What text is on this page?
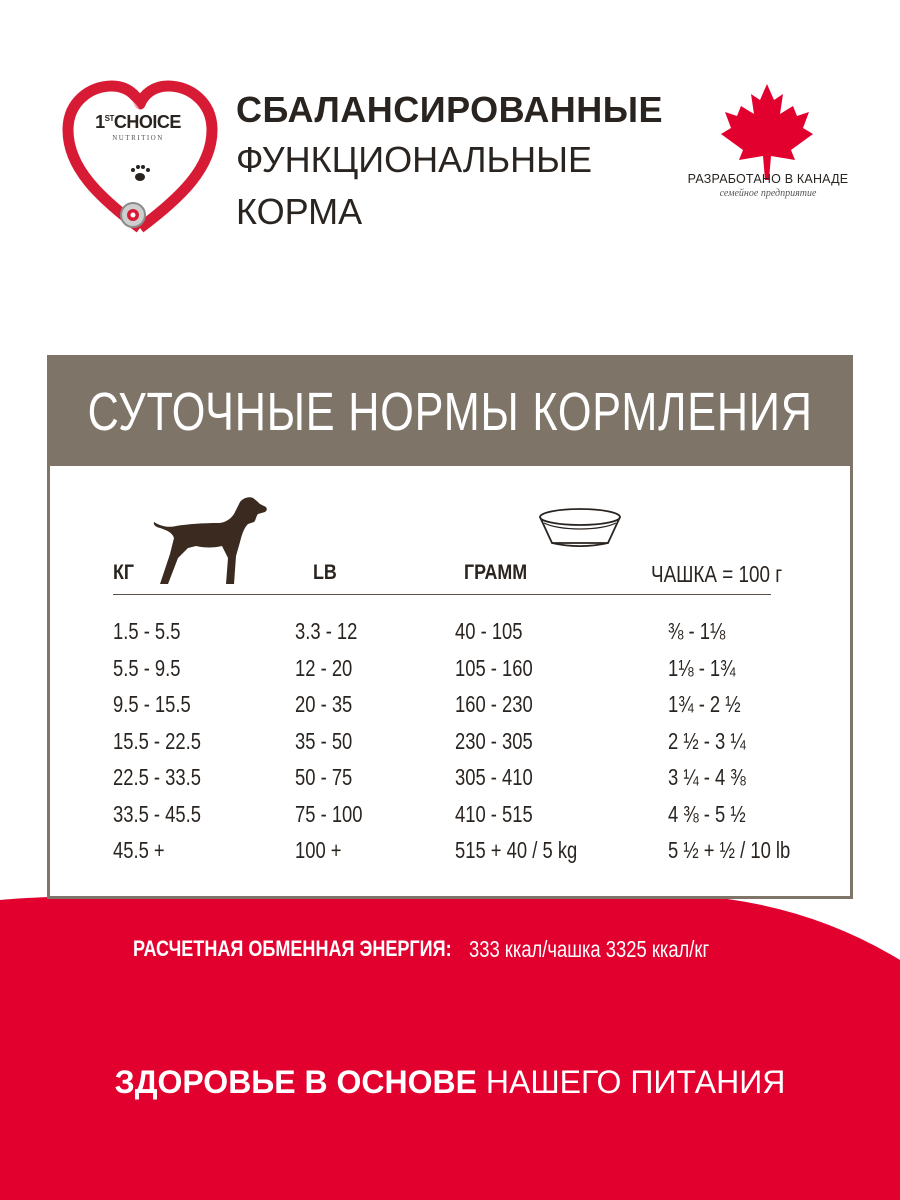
1STCHOICE
NUTRITION
СБАЛАНСИРОВАННЫЕ
ФУНКЦИОНАЛЬНЫЕ
КОРМА
РАЗРАБОТАНО В КАНАДЕ
семейное предприятие
СУТОЧНЫЕ НОРМЫ КОРМЛЕНИЯ
КГ	LB	ГРАММ	ЧАШКА = 100 г
1.5 - 5.5	3.3 - 12	40 - 105	⅜ - 1⅛
5.5 - 9.5	12 - 20	105 - 160	1⅛ - 1¾
9.5 - 15.5	20 - 35	160 - 230	1¾ - 2 ½
15.5 - 22.5	35 - 50	230 - 305	2 ½ - 3 ¼
22.5 - 33.5	50 - 75	305 - 410	3 ¼ - 4 ⅜
33.5 - 45.5	75 - 100	410 - 515	4 ⅜ - 5 ½
45.5 +	100 +	515 + 40 / 5 kg	5 ½ + ½ / 10 lb
РАСЧЕТНАЯ ОБМЕННАЯ ЭНЕРГИЯ: 333 ккал/чашка 3325 ккал/кг
ЗДОРОВЬЕ В ОСНОВЕ НАШЕГО ПИТАНИЯ
